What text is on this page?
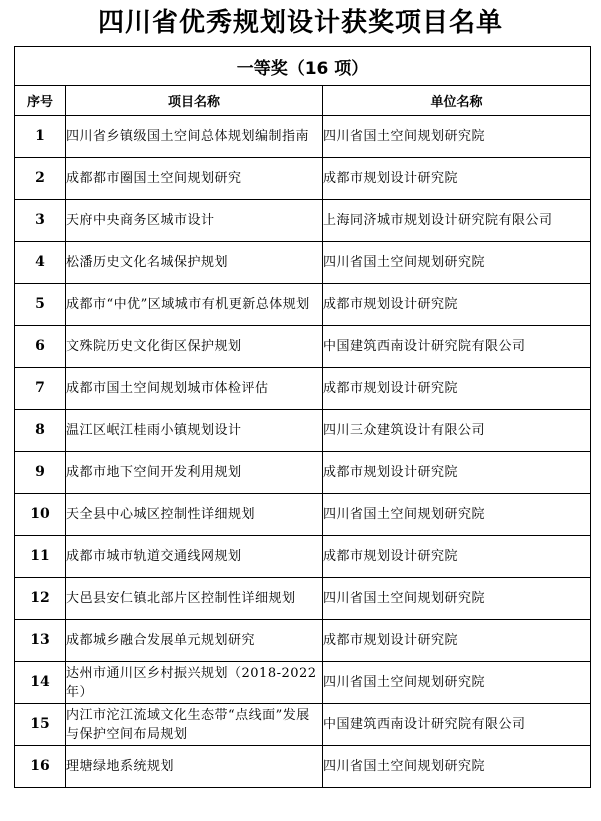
四川省优秀规划设计获奖项目名单
一等奖（16 项）		
序号	项目名称	单位名称
1	四川省乡镇级国土空间总体规划编制指南	四川省国土空间规划研究院
2	成都都市圈国土空间规划研究	成都市规划设计研究院
3	天府中央商务区城市设计	上海同济城市规划设计研究院有限公司
4	松潘历史文化名城保护规划	四川省国土空间规划研究院
5	成都市“中优”区域城市有机更新总体规划	成都市规划设计研究院
6	文殊院历史文化街区保护规划	中国建筑西南设计研究院有限公司
7	成都市国土空间规划城市体检评估	成都市规划设计研究院
8	温江区岷江桂雨小镇规划设计	四川三众建筑设计有限公司
9	成都市地下空间开发利用规划	成都市规划设计研究院
10	天全县中心城区控制性详细规划	四川省国土空间规划研究院
11	成都市城市轨道交通线网规划	成都市规划设计研究院
12	大邑县安仁镇北部片区控制性详细规划	四川省国土空间规划研究院
13	成都城乡融合发展单元规划研究	成都市规划设计研究院
14	达州市通川区乡村振兴规划（2018-2022 年）	四川省国土空间规划研究院
15	内江市沱江流域文化生态带“点线面”发展与保护空间布局规划	中国建筑西南设计研究院有限公司
16	理塘绿地系统规划	四川省国土空间规划研究院
